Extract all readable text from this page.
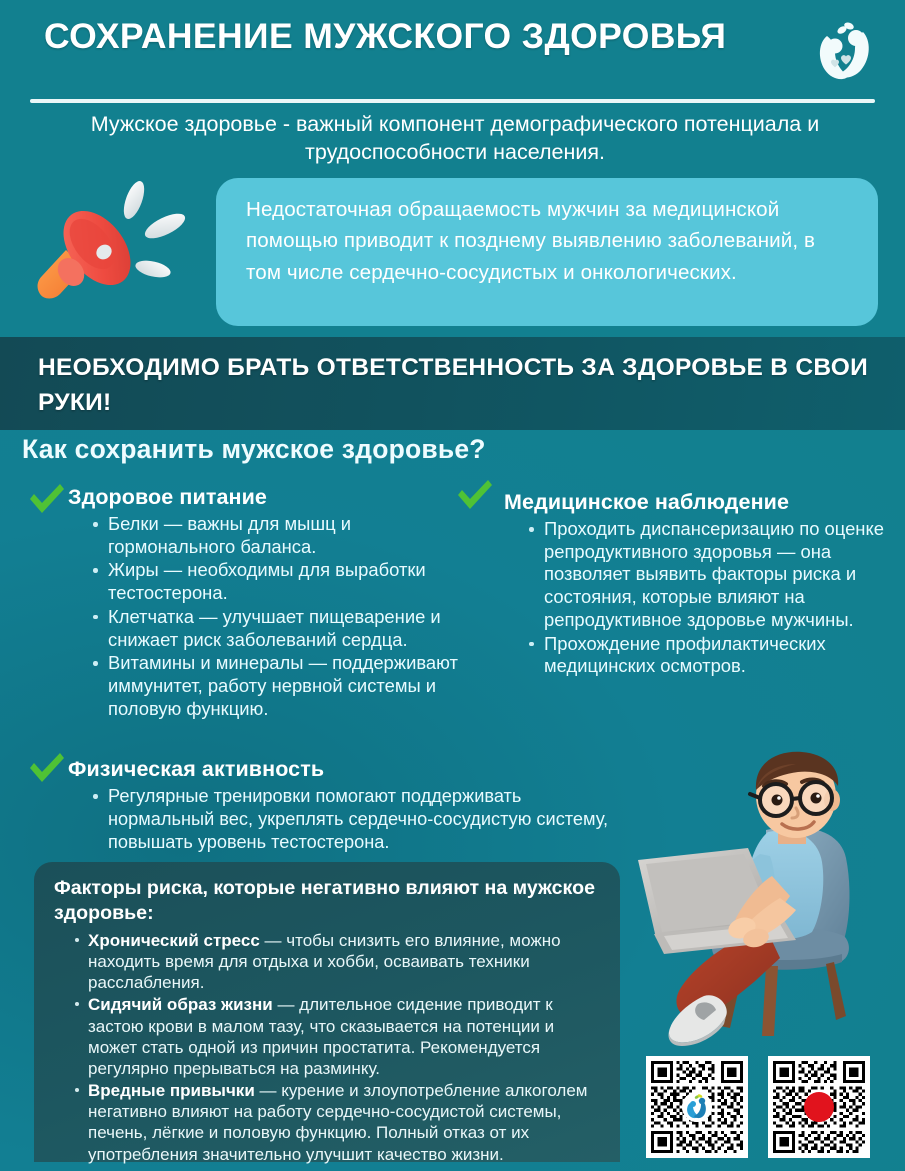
СОХРАНЕНИЕ МУЖСКОГО ЗДОРОВЬЯ
Мужское здоровье - важный компонент демографического потенциала и трудоспособности населения.
Недостаточная обращаемость мужчин за медицинской помощью приводит к позднему выявлению заболеваний, в том числе сердечно-сосудистых и онкологических.
НЕОБХОДИМО БРАТЬ ОТВЕТСТВЕННОСТЬ ЗА ЗДОРОВЬЕ В СВОИ РУКИ!
Как сохранить мужское здоровье?
Здоровое питание
Белки — важны для мышц и гормонального баланса.
Жиры — необходимы для выработки тестостерона.
Клетчатка — улучшает пищеварение и снижает риск заболеваний сердца.
Витамины и минералы — поддерживают иммунитет, работу нервной системы и половую функцию.
Медицинское наблюдение
Проходить диспансеризацию по оценке репродуктивного здоровья — она позволяет выявить факторы риска и состояния, которые влияют на репродуктивное здоровье мужчины.
Прохождение профилактических медицинских осмотров.
Физическая активность
Регулярные тренировки помогают поддерживать нормальный вес, укреплять сердечно-сосудистую систему, повышать уровень тестостерона.
Факторы риска, которые негативно влияют на мужское здоровье:
Хронический стресс — чтобы снизить его влияние, можно находить время для отдыха и хобби, осваивать техники расслабления.
Сидячий образ жизни — длительное сидение приводит к застою крови в малом тазу, что сказывается на потенции и может стать одной из причин простатита. Рекомендуется регулярно прерываться на разминку.
Вредные привычки — курение и злоупотребление алкоголем негативно влияют на работу сердечно-сосудистой системы, печень, лёгкие и половую функцию. Полный отказ от их употребления значительно улучшит качество жизни.
